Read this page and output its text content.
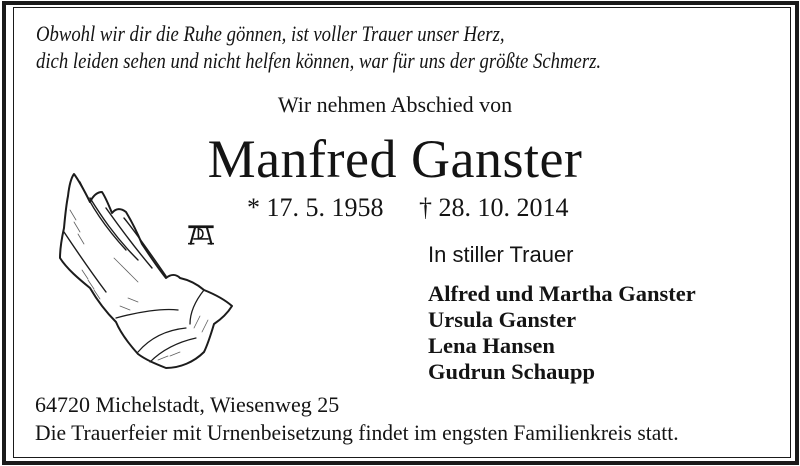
Obwohl wir dir die Ruhe gönnen, ist voller Trauer unser Herz,
dich leiden sehen und nicht helfen können, war für uns der größte Schmerz.
Wir nehmen Abschied von
Manfred Ganster
* 17. 5. 1958 † 28. 10. 2014
In stiller Trauer
Alfred und Martha Ganster
Ursula Ganster
Lena Hansen
Gudrun Schaupp
64720 Michelstadt, Wiesenweg 25
Die Trauerfeier mit Urnenbeisetzung findet im engsten Familienkreis statt.
